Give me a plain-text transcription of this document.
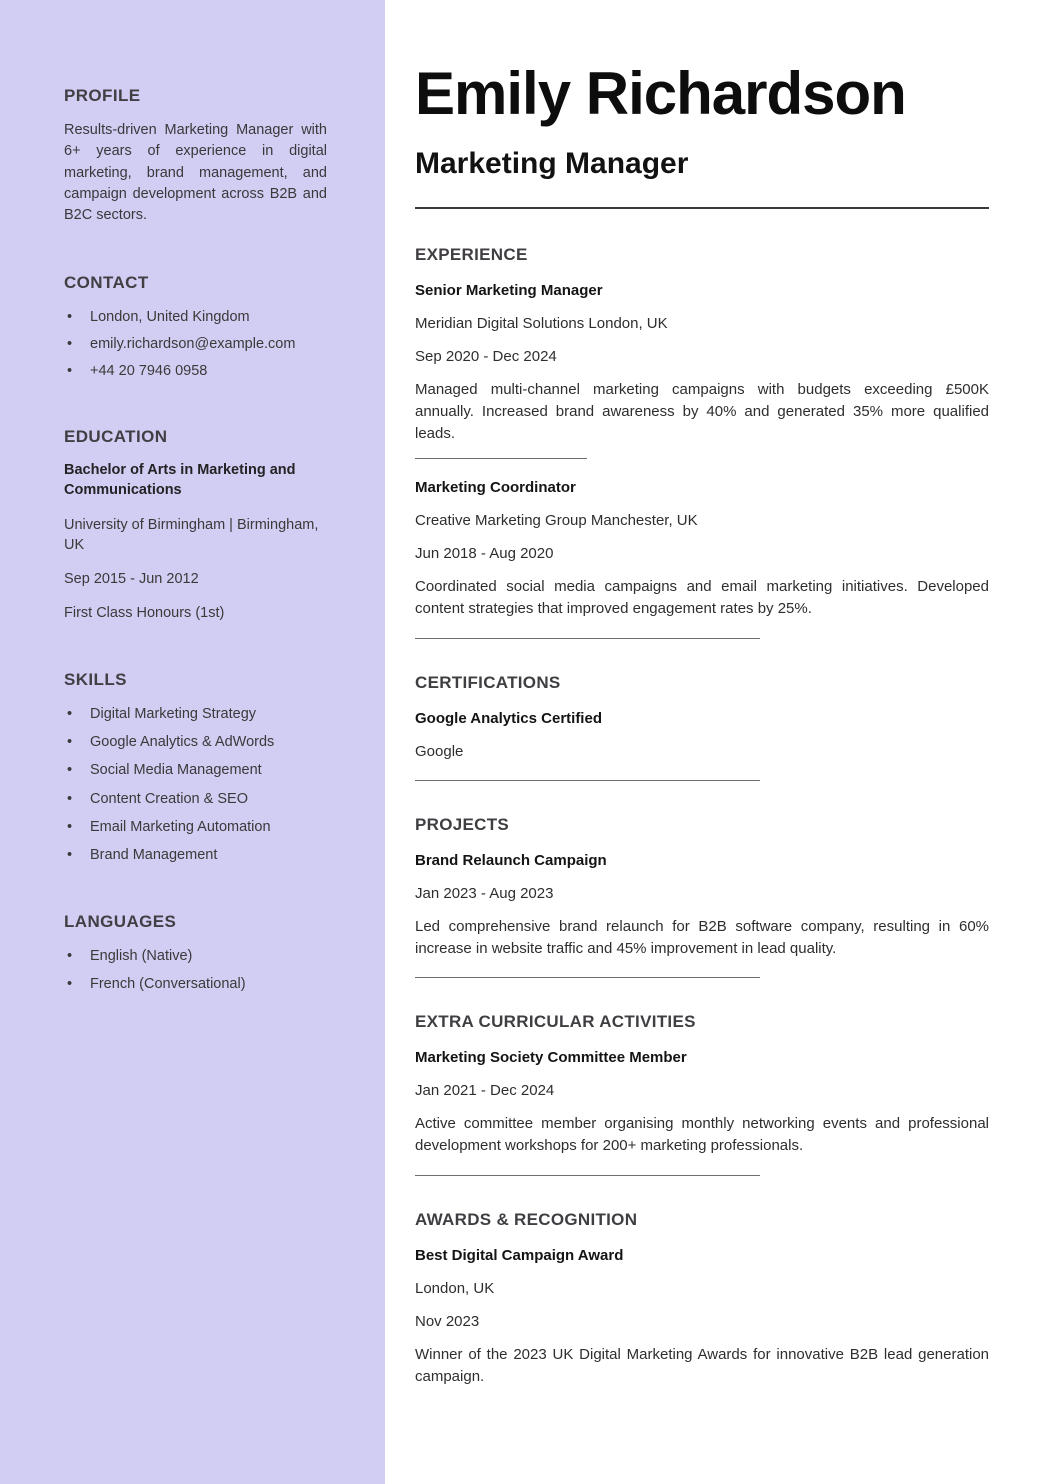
PROFILE

Results-driven Marketing Manager with 6+ years of experience in digital marketing, brand management, and campaign development across B2B and B2C sectors.

CONTACT
• London, United Kingdom
• emily.richardson@example.com
• +44 20 7946 0958
EDUCATION

Bachelor of Arts in Marketing and Communications

University of Birmingham | Birmingham, UK

Sep 2015 - Jun 2012

First Class Honours (1st)

SKILLS
• Digital Marketing Strategy
• Google Analytics & AdWords
• Social Media Management
• Content Creation & SEO
• Email Marketing Automation
• Brand Management
LANGUAGES
• English (Native)
• French (Conversational)
Emily Richardson
Marketing Manager
EXPERIENCE

Senior Marketing Manager

Meridian Digital Solutions London, UK

Sep 2020 - Dec 2024

Managed multi-channel marketing campaigns with budgets exceeding £500K annually. Increased brand awareness by 40% and generated 35% more qualified leads.

Marketing Coordinator

Creative Marketing Group Manchester, UK

Jun 2018 - Aug 2020

Coordinated social media campaigns and email marketing initiatives. Developed content strategies that improved engagement rates by 25%.

CERTIFICATIONS

Google Analytics Certified

Google

PROJECTS

Brand Relaunch Campaign

Jan 2023 - Aug 2023

Led comprehensive brand relaunch for B2B software company, resulting in 60% increase in website traffic and 45% improvement in lead quality.

EXTRA CURRICULAR ACTIVITIES

Marketing Society Committee Member

Jan 2021 - Dec 2024

Active committee member organising monthly networking events and professional development workshops for 200+ marketing professionals.

AWARDS & RECOGNITION

Best Digital Campaign Award

London, UK

Nov 2023

Winner of the 2023 UK Digital Marketing Awards for innovative B2B lead generation campaign.
